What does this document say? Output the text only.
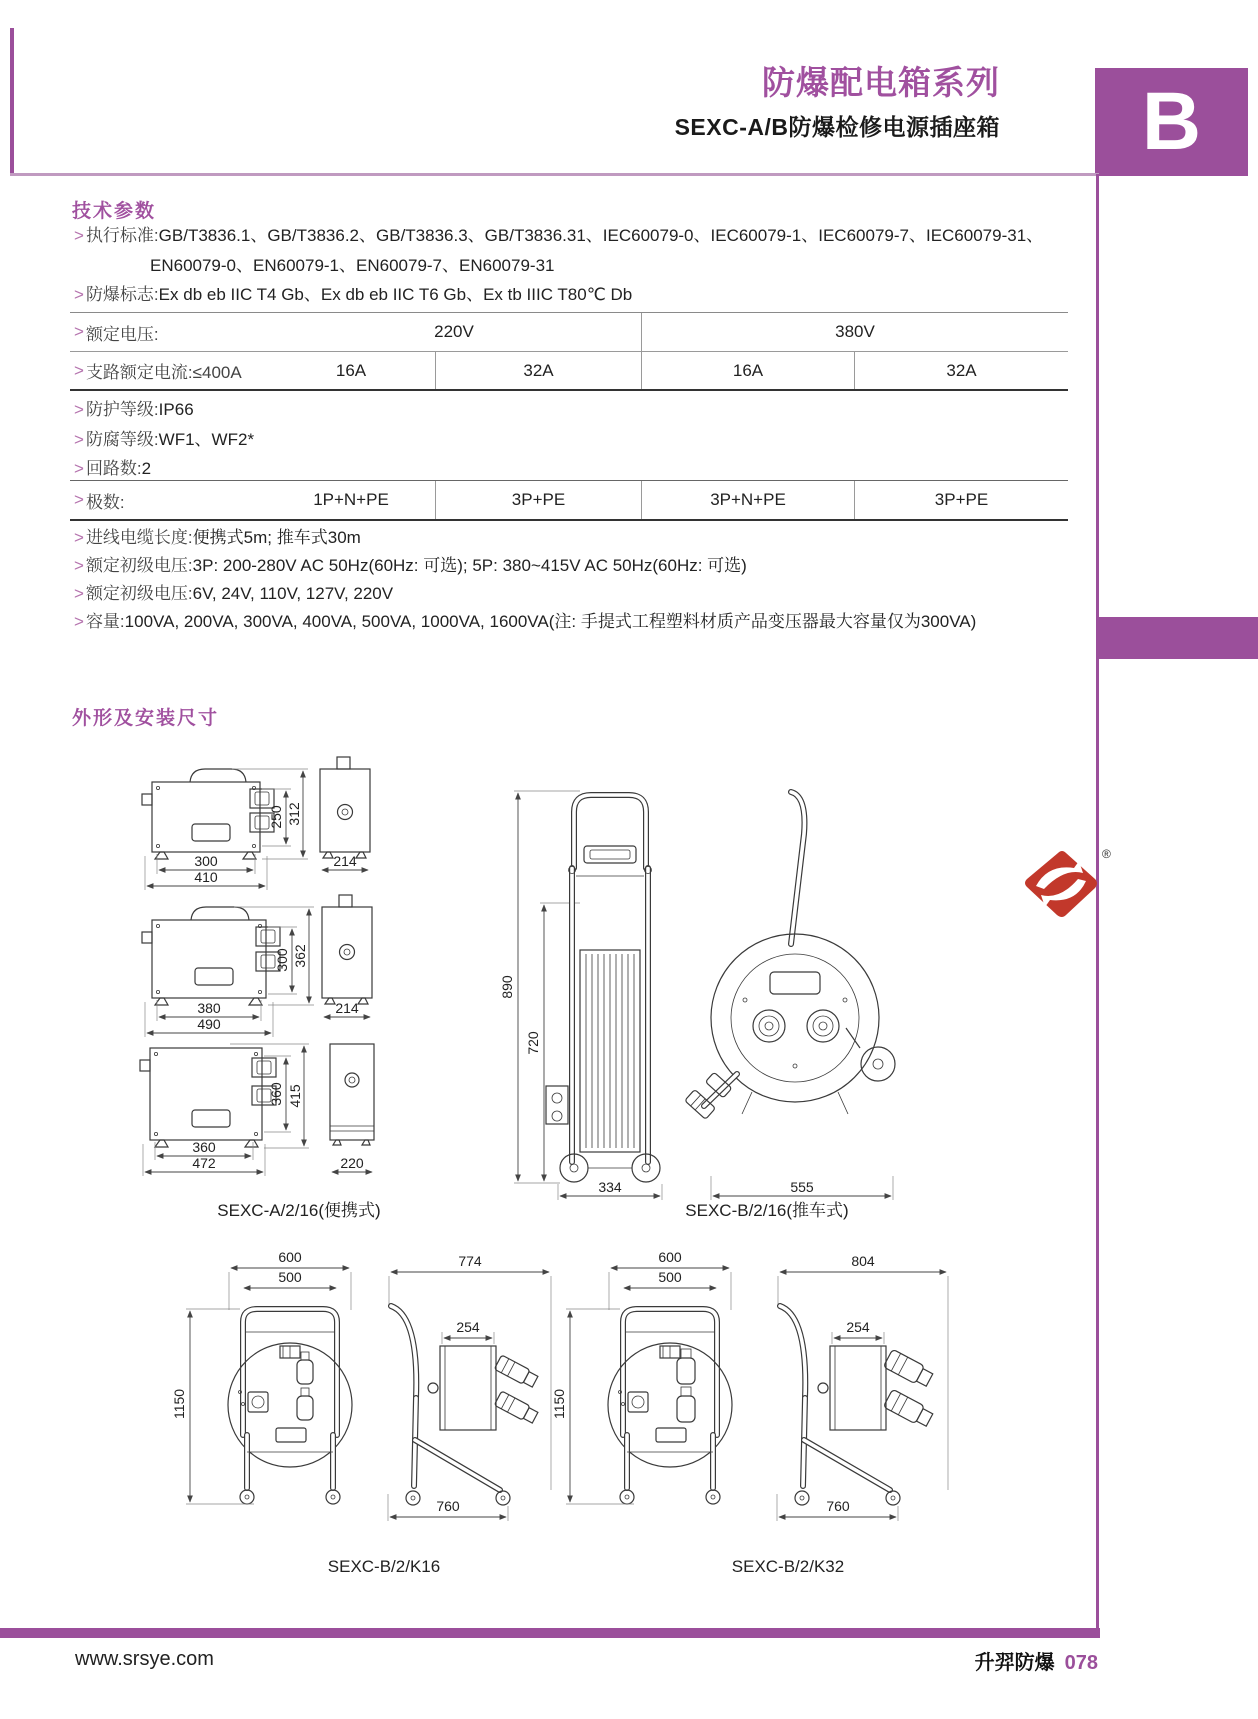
防爆配电箱系列
SEXC-A/B防爆检修电源插座箱	B
技术参数
> 执行标准:GB/T3836.1、GB/T3836.2、GB/T3836.3、GB/T3836.31、IEC60079-0、IEC60079-1、IEC60079-7、IEC60079-31、
EN60079-0、EN60079-1、EN60079-7、EN60079-31
> 防爆标志:Ex db eb IIC T4 Gb、Ex db eb IIC T6 Gb、Ex tb IIIC T80℃ Db
> 额定电压:	220V	380V
> 支路额定电流:≤400A	16A	32A	16A	32A
> 防护等级:IP66
> 防腐等级:WF1、WF2*
> 回路数:2
> 极数:	1P+N+PE	3P+PE	3P+N+PE	3P+PE
> 进线电缆长度:便携式5m; 推车式30m
> 额定初级电压:3P: 200-280V AC 50Hz(60Hz: 可选); 5P: 380~415V AC 50Hz(60Hz: 可选)
> 额定初级电压:6V, 24V, 110V, 127V, 220V
> 容量:100VA, 200VA, 300VA, 400VA, 500VA, 1000VA, 1600VA(注: 手提式工程塑料材质产品变压器最大容量仅为300VA)
外形及安装尺寸
250 312
300
410
214
300 362
380
490
214
360 415
360
472	220
SEXC-A/2/16(便携式)
890
720
334	555
SEXC-B/2/16(推车式)
600
500
1150
774
254
760
SEXC-B/2/K16
600
500
1150
804
254
760
SEXC-B/2/K32
®
www.srsye.com	升羿防爆 078
